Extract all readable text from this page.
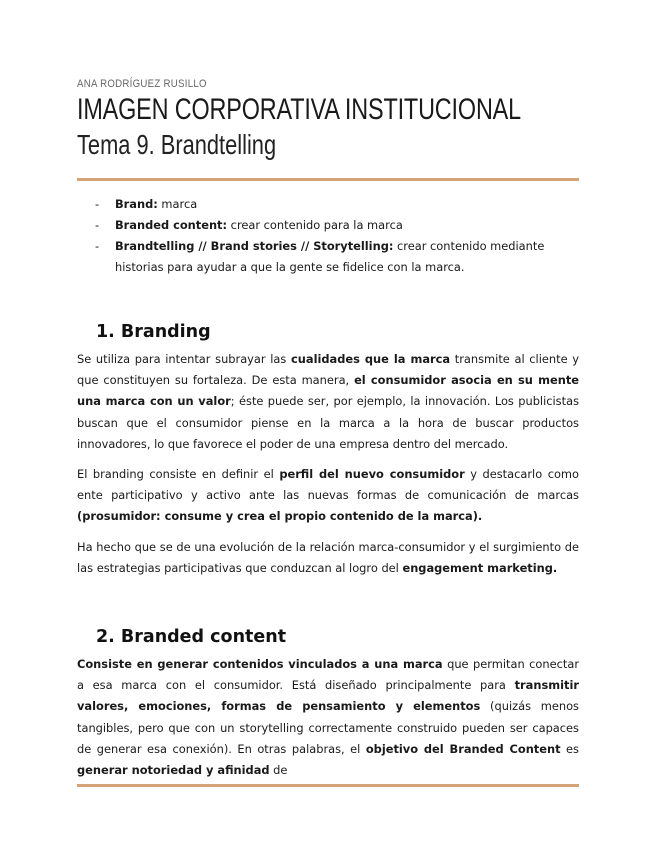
ANA RODRÍGUEZ RUSILLO
IMAGEN CORPORATIVA INSTITUCIONAL
Tema 9. Brandtelling
- Brand: marca
- Branded content: crear contenido para la marca
- Brandtelling // Brand stories // Storytelling: crear contenido mediante historias para ayudar a que la gente se fidelice con la marca.
1. Branding

Se utiliza para intentar subrayar las cualidades que la marca transmite al cliente y que constituyen su fortaleza. De esta manera, el consumidor asocia en su mente una marca con un valor; éste puede ser, por ejemplo, la innovación. Los publicistas buscan que el consumidor piense en la marca a la hora de buscar productos innovadores, lo que favorece el poder de una empresa dentro del mercado.

El branding consiste en definir el perfil del nuevo consumidor y destacarlo como ente participativo y activo ante las nuevas formas de comunicación de marcas (prosumidor: consume y crea el propio contenido de la marca).

Ha hecho que se de una evolución de la relación marca-consumidor y el surgimiento de las estrategias participativas que conduzcan al logro del engagement marketing.

2. Branded content

Consiste en generar contenidos vinculados a una marca que permitan conectar a esa marca con el consumidor. Está diseñado principalmente para transmitir valores, emociones, formas de pensamiento y elementos (quizás menos tangibles, pero que con un storytelling correctamente construido pueden ser capaces de generar esa conexión). En otras palabras, el objetivo del Branded Content es generar notoriedad y afinidad de
